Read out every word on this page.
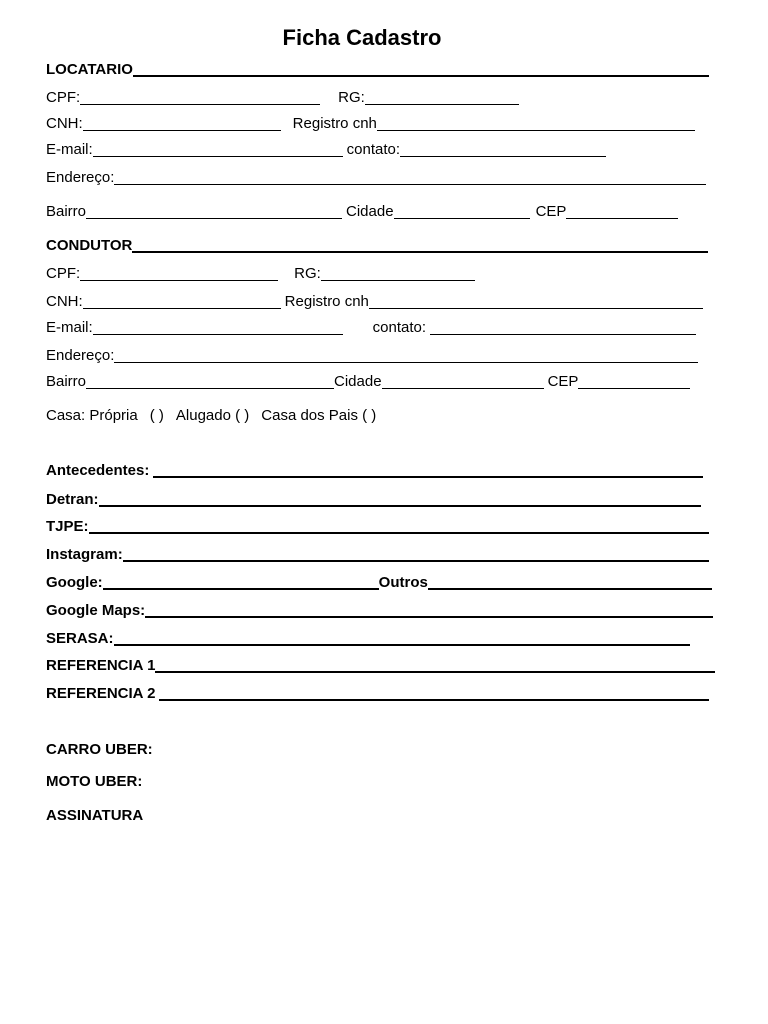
Ficha Cadastro
LOCATARIO
CPF:	RG:
CNH:	Registro cnh
E-mail:	contato:
Endereço:
Bairro	Cidade	CEP
CONDUTOR
CPF:	RG:
CNH:	Registro cnh
E-mail:	contato:
Endereço:
Bairro	Cidade	CEP
Casa: Própria ( ) Alugado ( ) Casa dos Pais ( )
Antecedentes:
Detran:
TJPE:
Instagram:
Google:	Outros
Google Maps:
SERASA:
REFERENCIA 1
REFERENCIA 2
CARRO UBER:
MOTO UBER:
ASSINATURA
